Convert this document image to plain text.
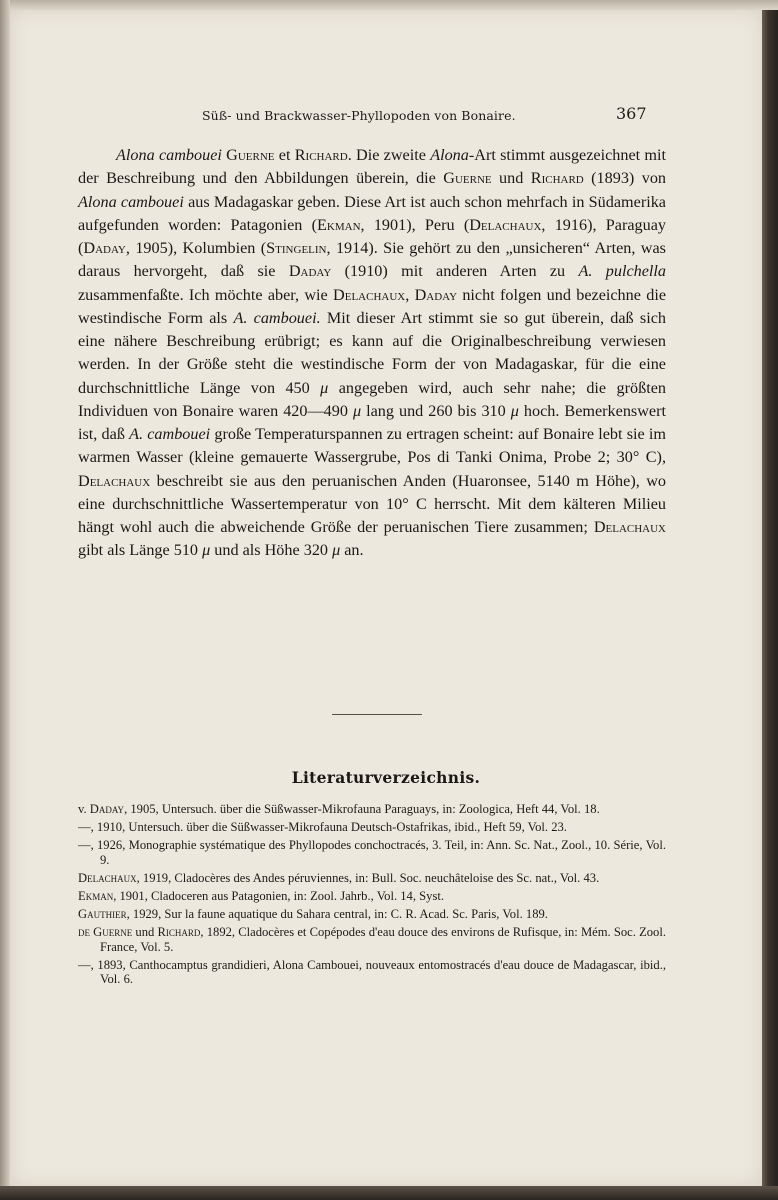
Süß- und Brackwasser-Phyllopoden von Bonaire.	367

Alona cambouei Guerne et Richard. Die zweite Alona-Art stimmt ausgezeichnet mit der Beschreibung und den Abbildungen überein, die Guerne und Richard (1893) von Alona cambouei aus Madagaskar geben. Diese Art ist auch schon mehrfach in Südamerika aufgefunden worden: Patagonien (Ekman, 1901), Peru (Delachaux, 1916), Paraguay (Daday, 1905), Kolumbien (Stingelin, 1914). Sie gehört zu den „unsicheren“ Arten, was daraus hervorgeht, daß sie Daday (1910) mit anderen Arten zu A. pulchella zusammenfaßte. Ich möchte aber, wie Delachaux, Daday nicht folgen und bezeichne die westindische Form als A. cambouei. Mit dieser Art stimmt sie so gut überein, daß sich eine nähere Beschreibung erübrigt; es kann auf die Originalbeschreibung verwiesen werden. In der Größe steht die westindische Form der von Madagaskar, für die eine durchschnittliche Länge von 450 μ angegeben wird, auch sehr nahe; die größten Individuen von Bonaire waren 420—490 μ lang und 260 bis 310 μ hoch. Bemerkenswert ist, daß A. cambouei große Temperaturspannen zu ertragen scheint: auf Bonaire lebt sie im warmen Wasser (kleine gemauerte Wassergrube, Pos di Tanki Onima, Probe 2; 30° C), Delachaux beschreibt sie aus den peruanischen Anden (Huaronsee, 5140 m Höhe), wo eine durchschnittliche Wassertemperatur von 10° C herrscht. Mit dem kälteren Milieu hängt wohl auch die abweichende Größe der peruanischen Tiere zusammen; Delachaux gibt als Länge 510 μ und als Höhe 320 μ an.

Literaturverzeichnis.

v. Daday, 1905, Untersuch. über die Süßwasser-Mikrofauna Paraguays, in: Zoologica, Heft 44, Vol. 18.

—, 1910, Untersuch. über die Süßwasser-Mikrofauna Deutsch-Ostafrikas, ibid., Heft 59, Vol. 23.

—, 1926, Monographie systématique des Phyllopodes conchoctracés, 3. Teil, in: Ann. Sc. Nat., Zool., 10. Série, Vol. 9.

Delachaux, 1919, Cladocères des Andes péruviennes, in: Bull. Soc. neuchâteloise des Sc. nat., Vol. 43.

Ekman, 1901, Cladoceren aus Patagonien, in: Zool. Jahrb., Vol. 14, Syst.

Gauthier, 1929, Sur la faune aquatique du Sahara central, in: C. R. Acad. Sc. Paris, Vol. 189.

de Guerne und Richard, 1892, Cladocères et Copépodes d'eau douce des environs de Rufisque, in: Mém. Soc. Zool. France, Vol. 5.

—, 1893, Canthocamptus grandidieri, Alona Cambouei, nouveaux entomostracés d'eau douce de Madagascar, ibid., Vol. 6.
